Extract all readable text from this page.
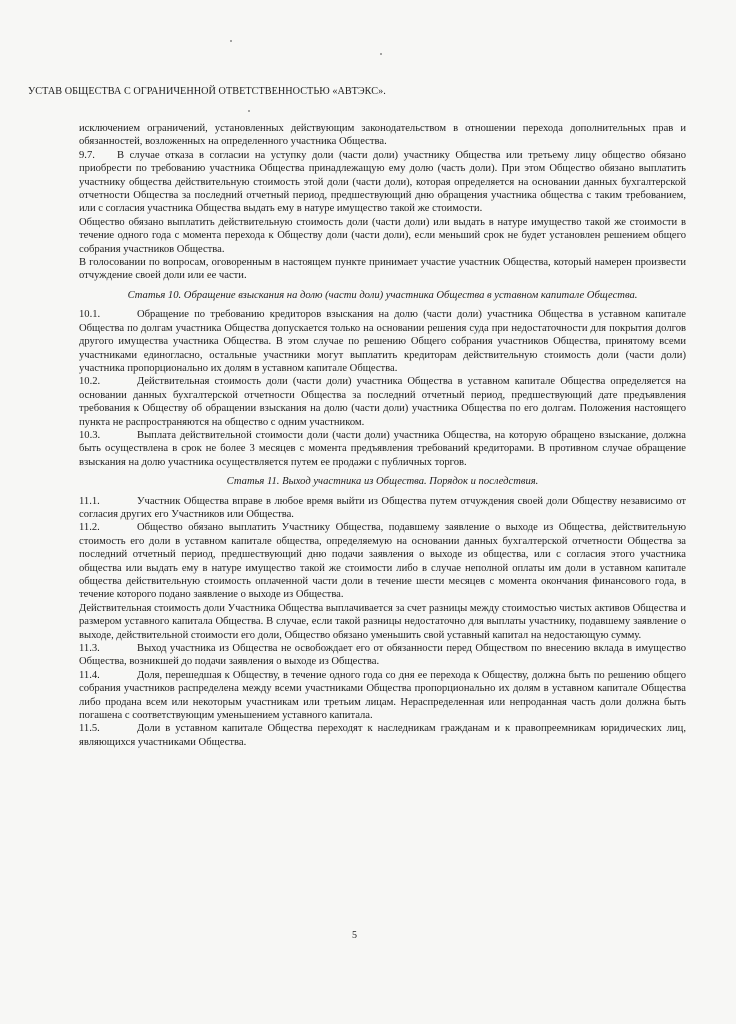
УСТАВ ОБЩЕСТВА С ОГРАНИЧЕННОЙ ОТВЕТСТВЕННОСТЬЮ «АВТЭКС».

исключением ограничений, установленных действующим законодательством в отношении перехода дополнительных прав и обязанностей, возложенных на определенного участника Общества.

9.7. В случае отказа в согласии на уступку доли (части доли) участнику Общества или третьему лицу общество обязано приобрести по требованию участника Общества принадлежащую ему долю (часть доли). При этом Общество обязано выплатить участнику общества действительную стоимость этой доли (части доли), которая определяется на основании данных бухгалтерской отчетности Общества за последний отчетный период, предшествующий дню обращения участника общества с таким требованием, или с согласия участника Общества выдать ему в натуре имущество такой же стоимости.

Общество обязано выплатить действительную стоимость доли (части доли) или выдать в натуре имущество такой же стоимости в течение одного года с момента перехода к Обществу доли (части доли), если меньший срок не будет установлен решением общего собрания участников Общества.

В голосовании по вопросам, оговоренным в настоящем пункте принимает участие участник Общества, который намерен произвести отчуждение своей доли или ее части.

Статья 10. Обращение взыскания на долю (части доли) участника Общества в уставном капитале Общества.

10.1.	Обращение по требованию кредиторов взыскания на долю (части доли) участника Общества в уставном капитале Общества по долгам участника Общества допускается только на основании решения суда при недостаточности для покрытия долгов другого имущества участника Общества. В этом случае по решению Общего собрания участников Общества, принятому всеми участниками единогласно, остальные участники могут выплатить кредиторам действительную стоимость доли (части доли) участника пропорционально их долям в уставном капитале Общества.

10.2.	Действительная стоимость доли (части доли) участника Общества в уставном капитале Общества определяется на основании данных бухгалтерской отчетности Общества за последний отчетный период, предшествующий дате предъявления требования к Обществу об обращении взыскания на долю (части доли) участника Общества по его долгам. Положения настоящего пункта не распространяются на общество с одним участником.

10.3.	Выплата действительной стоимости доли (части доли) участника Общества, на которую обращено взыскание, должна быть осуществлена в срок не более 3 месяцев с момента предъявления требований кредиторами. В противном случае обращение взыскания на долю участника осуществляется путем ее продажи с публичных торгов.

Статья 11. Выход участника из Общества. Порядок и последствия.

11.1.	Участник Общества вправе в любое время выйти из Общества путем отчуждения своей доли Обществу независимо от согласия других его Участников или Общества.

11.2.	Общество обязано выплатить Участнику Общества, подавшему заявление о выходе из Общества, действительную стоимость его доли в уставном капитале общества, определяемую на основании данных бухгалтерской отчетности Общества за последний отчетный период, предшествующий дню подачи заявления о выходе из общества, или с согласия этого участника общества или выдать ему в натуре имущество такой же стоимости либо в случае неполной оплаты им доли в уставном капитале общества действительную стоимость оплаченной части доли в течение шести месяцев с момента окончания финансового года, в течение которого подано заявление о выходе из Общества.

Действительная стоимость доли Участника Общества выплачивается за счет разницы между стоимостью чистых активов Общества и размером уставного капитала Общества. В случае, если такой разницы недостаточно для выплаты участнику, подавшему заявление о выходе, действительной стоимости его доли, Общество обязано уменьшить свой уставный капитал на недостающую сумму.

11.3.	Выход участника из Общества не освобождает его от обязанности перед Обществом по внесению вклада в имущество Общества, возникшей до подачи заявления о выходе из Общества.

11.4.	Доля, перешедшая к Обществу, в течение одного года со дня ее перехода к Обществу, должна быть по решению общего собрания участников распределена между всеми участниками Общества пропорционально их долям в уставном капитале Общества либо продана всем или некоторым участникам или третьим лицам. Нераспределенная или непроданная часть доли должна быть погашена с соответствующим уменьшением уставного капитала.

11.5.	Доли в уставном капитале Общества переходят к наследникам гражданам и к правопреемникам юридических лиц, являющихся участниками Общества.

5
